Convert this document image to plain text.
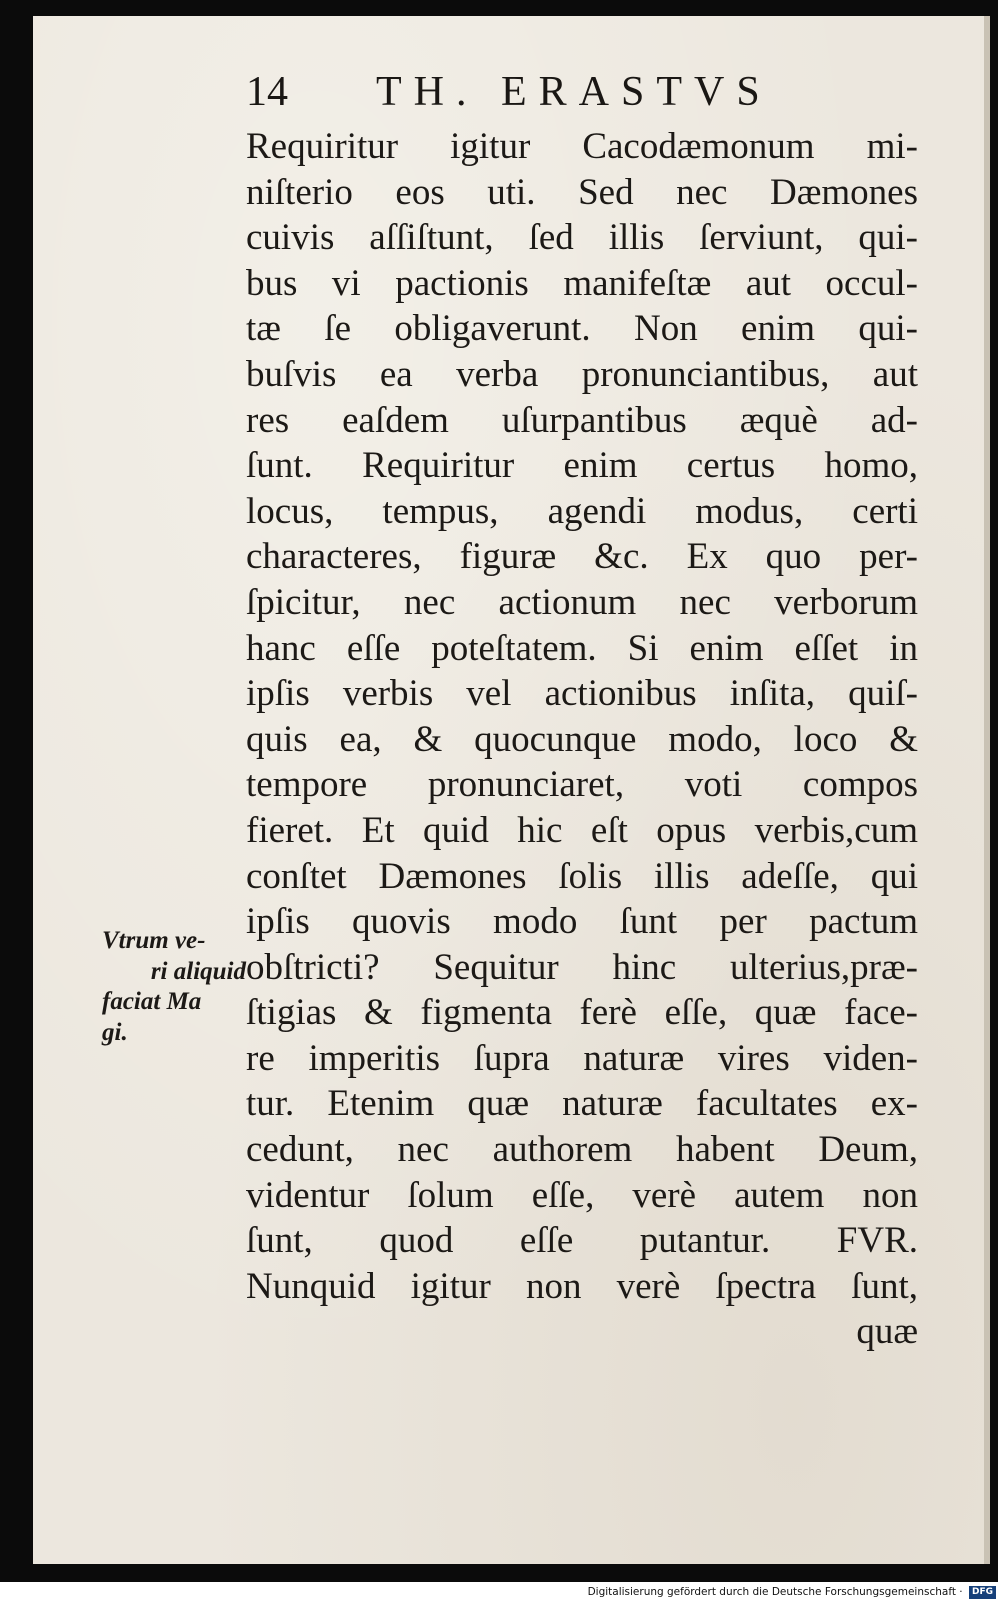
14 TH. ERASTVS
Requiritur igitur Cacodæmonum mi-
niſterio eos uti. Sed nec Dæmones
cuivis aſſiſtunt, ſed illis ſerviunt, qui-
bus vi pactionis manifeſtæ aut occul-
tæ ſe obligaverunt. Non enim qui-
buſvis ea verba pronunciantibus, aut
res eaſdem uſurpantibus æquè ad-
ſunt. Requiritur enim certus homo,
locus, tempus, agendi modus, certi
characteres, figuræ &c. Ex quo per-
ſpicitur, nec actionum nec verborum
hanc eſſe poteſtatem. Si enim eſſet in
ipſis verbis vel actionibus inſita, quiſ-
quis ea, & quocunque modo, loco &
tempore pronunciaret, voti compos
fieret. Et quid hic eſt opus verbis,cum
conſtet Dæmones ſolis illis adeſſe, qui
ipſis quovis modo ſunt per pactum
obſtricti? Sequitur hinc ulterius,præ-
ſtigias & figmenta ferè eſſe, quæ face-
re imperitis ſupra naturæ vires viden-
tur. Etenim quæ naturæ facultates ex-
cedunt, nec authorem habent Deum,
videntur ſolum eſſe, verè autem non
ſunt, quod eſſe putantur. FVR.
Nunquid igitur non verè ſpectra ſunt,
quæ
Vtrum ve-
ri aliquid
faciat Ma
gi.
Digitalisierung gefördert durch die Deutsche Forschungsgemeinschaft · DFG
